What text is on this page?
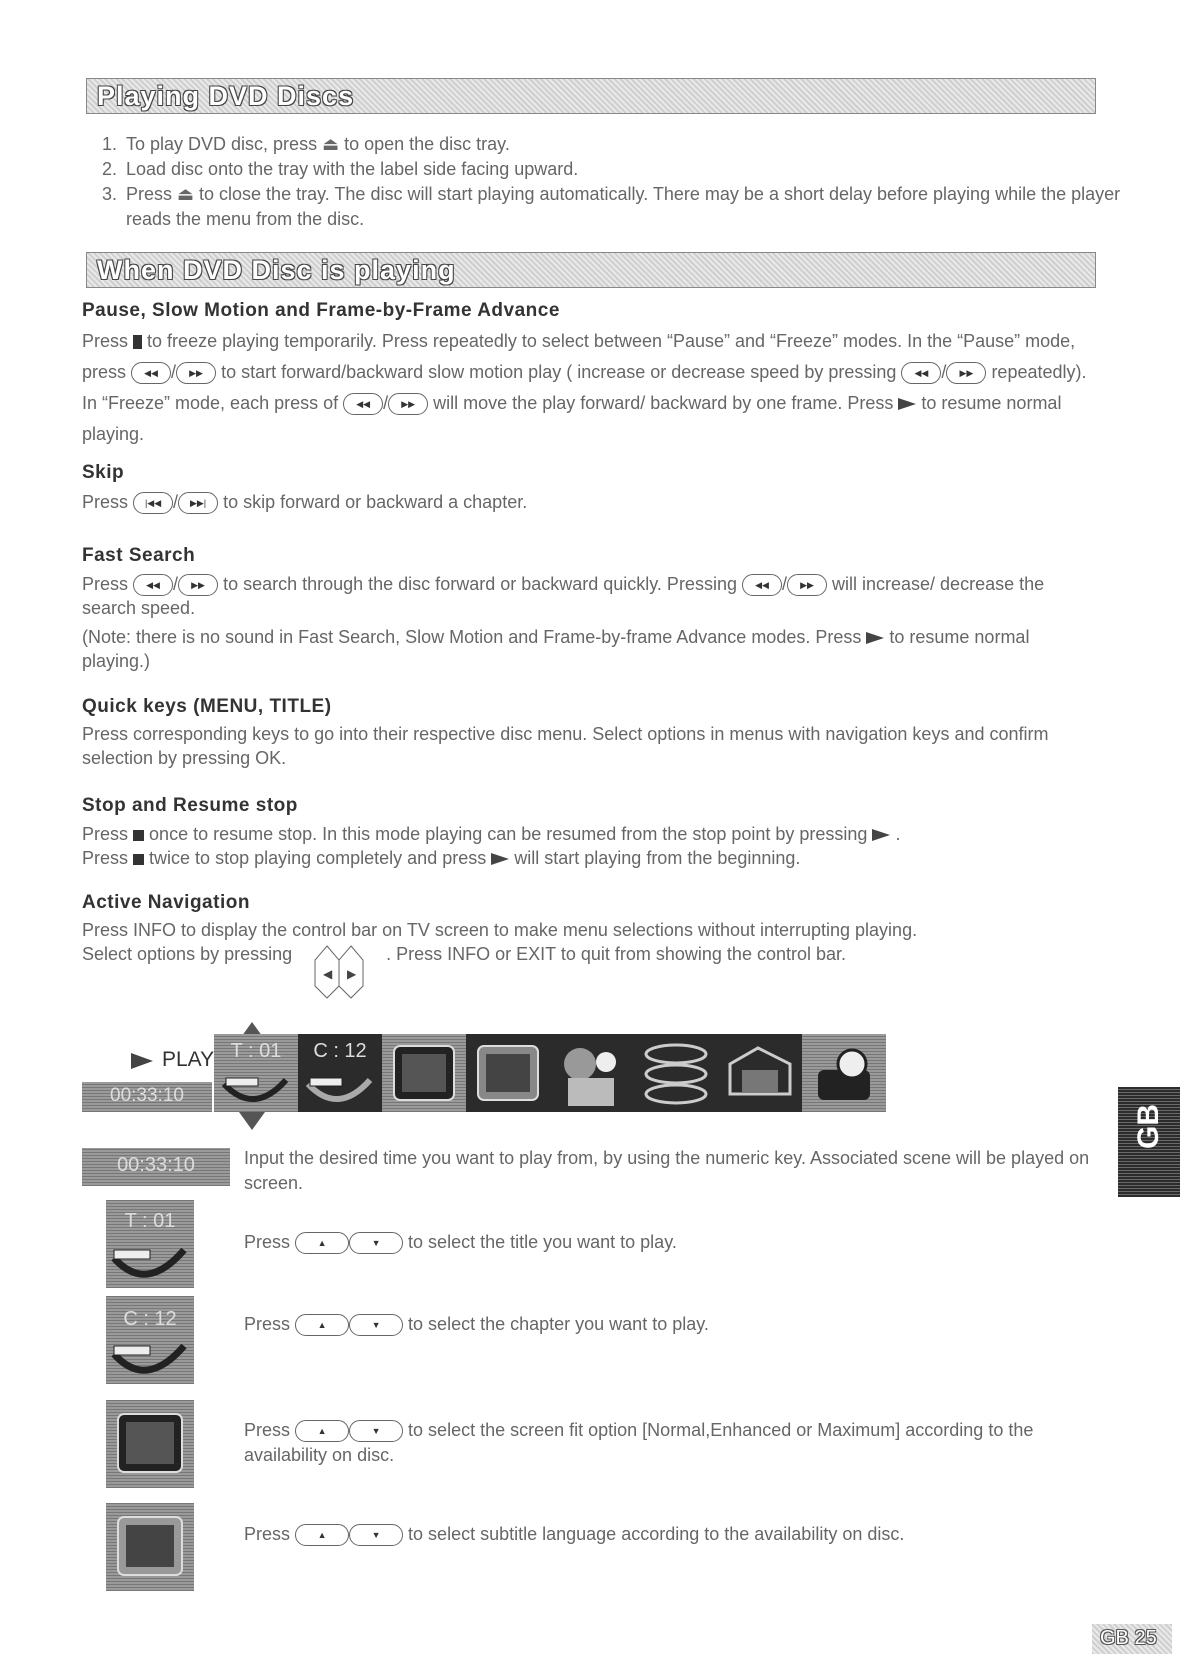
Playing DVD Discs
1. To play DVD disc, press ⏏ to open the disc tray.
2. Load disc onto the tray with the label side facing upward.
3. Press ⏏ to close the tray. The disc will start playing automatically. There may be a short delay before playing while the player reads the menu from the disc.
When DVD Disc is playing
Pause, Slow Motion and Frame-by-Frame Advance
Press to freeze playing temporarily. Press repeatedly to select between “Pause” and “Freeze” modes. In the “Pause” mode, press ◀◀ / ▶▶ to start forward/backward slow motion play ( increase or decrease speed by pressing ◀◀ / ▶▶ repeatedly). In “Freeze” mode, each press of ◀◀ / ▶▶ will move the play forward/ backward by one frame. Press to resume normal playing.
Skip
Press |◀◀ / ▶▶| to skip forward or backward a chapter.
Fast Search
Press ◀◀ / ▶▶ to search through the disc forward or backward quickly. Pressing ◀◀ / ▶▶ will increase/ decrease the search speed.
(Note: there is no sound in Fast Search, Slow Motion and Frame-by-frame Advance modes. Press to resume normal playing.)
Quick keys (MENU, TITLE)
Press corresponding keys to go into their respective disc menu. Select options in menus with navigation keys and confirm selection by pressing OK.
Stop and Resume stop
Press once to resume stop. In this mode playing can be resumed from the stop point by pressing  .
Press twice to stop playing completely and press will start playing from the beginning.
Active Navigation
Press INFO to display the control bar on TV screen to make menu selections without interrupting playing.
Select options by pressing
◀ ▶
. Press INFO or EXIT to quit from showing the control bar.
PLAY
00:33:10
T : 01	C : 12
00:33:10	Input the desired time you want to play from, by using the numeric key. Associated scene will be played on screen.
T : 01
Press	▲	▼ to select the title you want to play.
C : 12	Press	▲	▼ to select the chapter you want to play.
Press	▲	▼ to select the screen fit option [Normal,Enhanced or Maximum] according to the availability on disc.
Press	▲	▼ to select subtitle language according to the availability on disc.
GB
GB 25
